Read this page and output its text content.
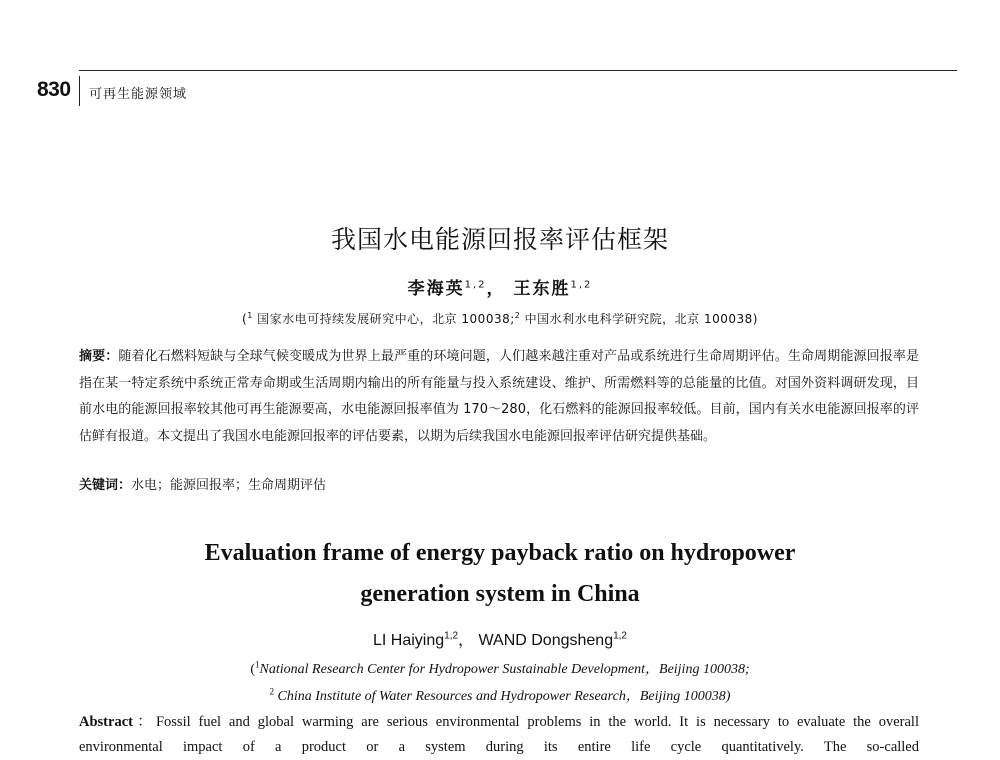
830 可再生能源领域
我国水电能源回报率评估框架
李海英$^{1,2}$， 王东胜$^{1,2}$
($^1$ 国家水电可持续发展研究中心，北京 100038;$^2$ 中国水利水电科学研究院，北京 100038)
摘要：随着化石燃料短缺与全球气候变暖成为世界上最严重的环境问题，人们越来越注重对产品或系统进行生命周期评估。生命周期能源回报率是指在某一特定系统中系统正常寿命期或生活周期内输出的所有能量与投入系统建设、维护、所需燃料等的总能量的比值。对国外资料调研发现，目前水电的能源回报率较其他可再生能源要高，水电能源回报率值为 170～280，化石燃料的能源回报率较低。目前，国内有关水电能源回报率的评估鲜有报道。本文提出了我国水电能源回报率的评估要素，以期为后续我国水电能源回报率评估研究提供基础。
关键词：水电；能源回报率；生命周期评估
Evaluation frame of energy payback ratio on hydropower
generation system in China
LI Haiying$^{1,2}$， WAND Dongsheng$^{1,2}$
($^1$National Research Center for Hydropower Sustainable Development，Beijing 100038;
$^2$ China Institute of Water Resources and Hydropower Research，Beijing 100038)
Abstract：Fossil fuel and global warming are serious environmental problems in the world. It is necessary to evaluate the overall environmental impact of a product or a system during its entire life cycle quantitatively. The so-called
